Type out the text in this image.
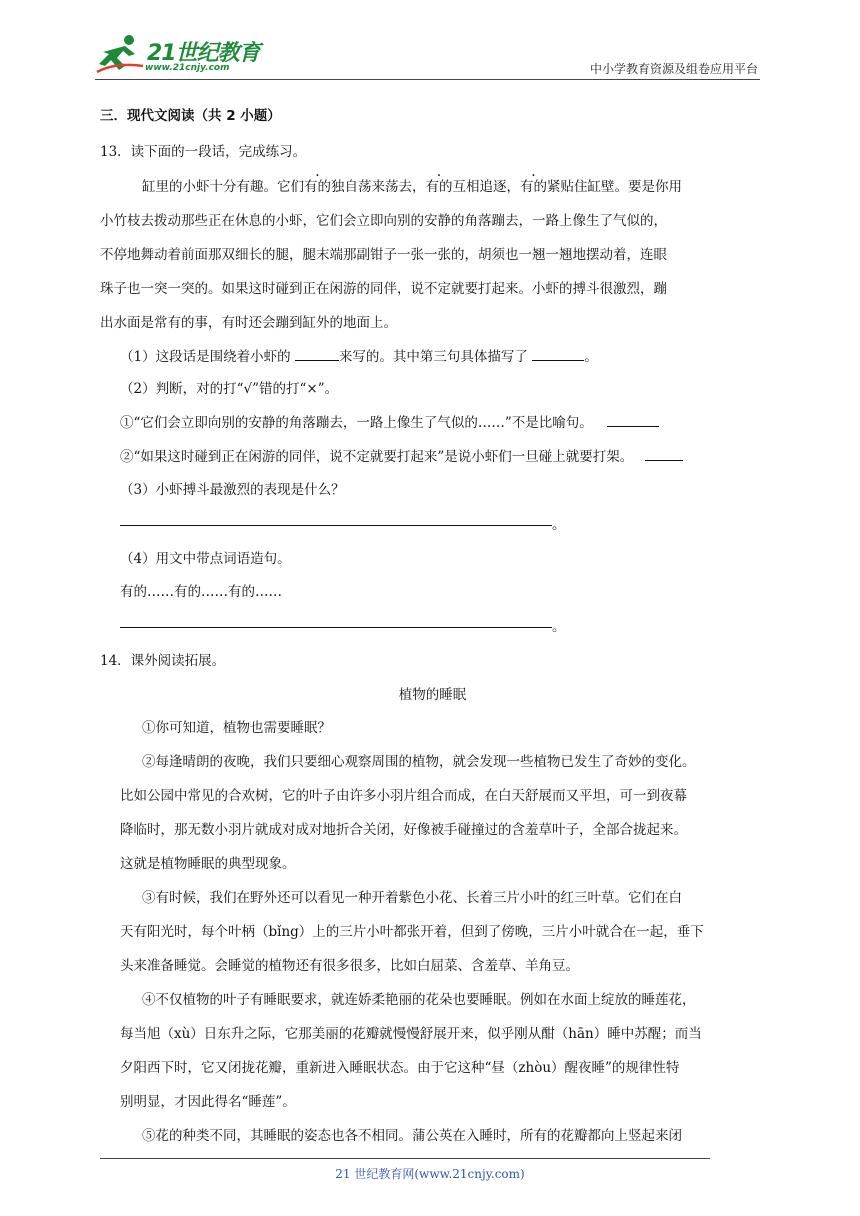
21世纪教育
www.21cnjy.com	中小学教育资源及组卷应用平台
三．现代文阅读（共 2 小题）
13．读下面的一段话，完成练习。
缸里的小虾十分有趣。它们有的独自荡来荡去，有的互相追逐，有的紧贴住缸壁。要是你用
小竹枝去拨动那些正在休息的小虾，它们会立即向别的安静的角落蹦去，一路上像生了气似的，
不停地舞动着前面那双细长的腿，腿末端那副钳子一张一张的，胡须也一翘一翘地摆动着，连眼
珠子也一突一突的。如果这时碰到正在闲游的同伴，说不定就要打起来。小虾的搏斗很激烈，蹦
出水面是常有的事，有时还会蹦到缸外的地面上。
（1）这段话是围绕着小虾的	来写的。其中第三句具体描写了	。
（2）判断，对的打“√”错的打“×”。
①“它们会立即向别的安静的角落蹦去，一路上像生了气似的……”不是比喻句。
②“如果这时碰到正在闲游的同伴，说不定就要打起来”是说小虾们一旦碰上就要打架。
（3）小虾搏斗最激烈的表现是什么？
。
（4）用文中带点词语造句。
有的……有的……有的……
。
14．课外阅读拓展。
植物的睡眠
①你可知道，植物也需要睡眠？
②每逢晴朗的夜晚，我们只要细心观察周围的植物，就会发现一些植物已发生了奇妙的变化。
比如公园中常见的合欢树，它的叶子由许多小羽片组合而成，在白天舒展而又平坦，可一到夜幕
降临时，那无数小羽片就成对成对地折合关闭，好像被手碰撞过的含羞草叶子，全部合拢起来。
这就是植物睡眠的典型现象。
③有时候，我们在野外还可以看见一种开着紫色小花、长着三片小叶的红三叶草。它们在白
天有阳光时，每个叶柄（bǐng）上的三片小叶都张开着，但到了傍晚，三片小叶就合在一起，垂下
头来准备睡觉。会睡觉的植物还有很多很多，比如白屈菜、含羞草、羊角豆。
④不仅植物的叶子有睡眠要求，就连娇柔艳丽的花朵也要睡眠。例如在水面上绽放的睡莲花，
每当旭（xù）日东升之际，它那美丽的花瓣就慢慢舒展开来，似乎刚从酣（hān）睡中苏醒；而当
夕阳西下时，它又闭拢花瓣，重新进入睡眠状态。由于它这种“昼（zhòu）醒夜睡”的规律性特
别明显，才因此得名“睡莲”。
⑤花的种类不同，其睡眠的姿态也各不相同。蒲公英在入睡时，所有的花瓣都向上竖起来闭
21 世纪教育网(www.21cnjy.com)
